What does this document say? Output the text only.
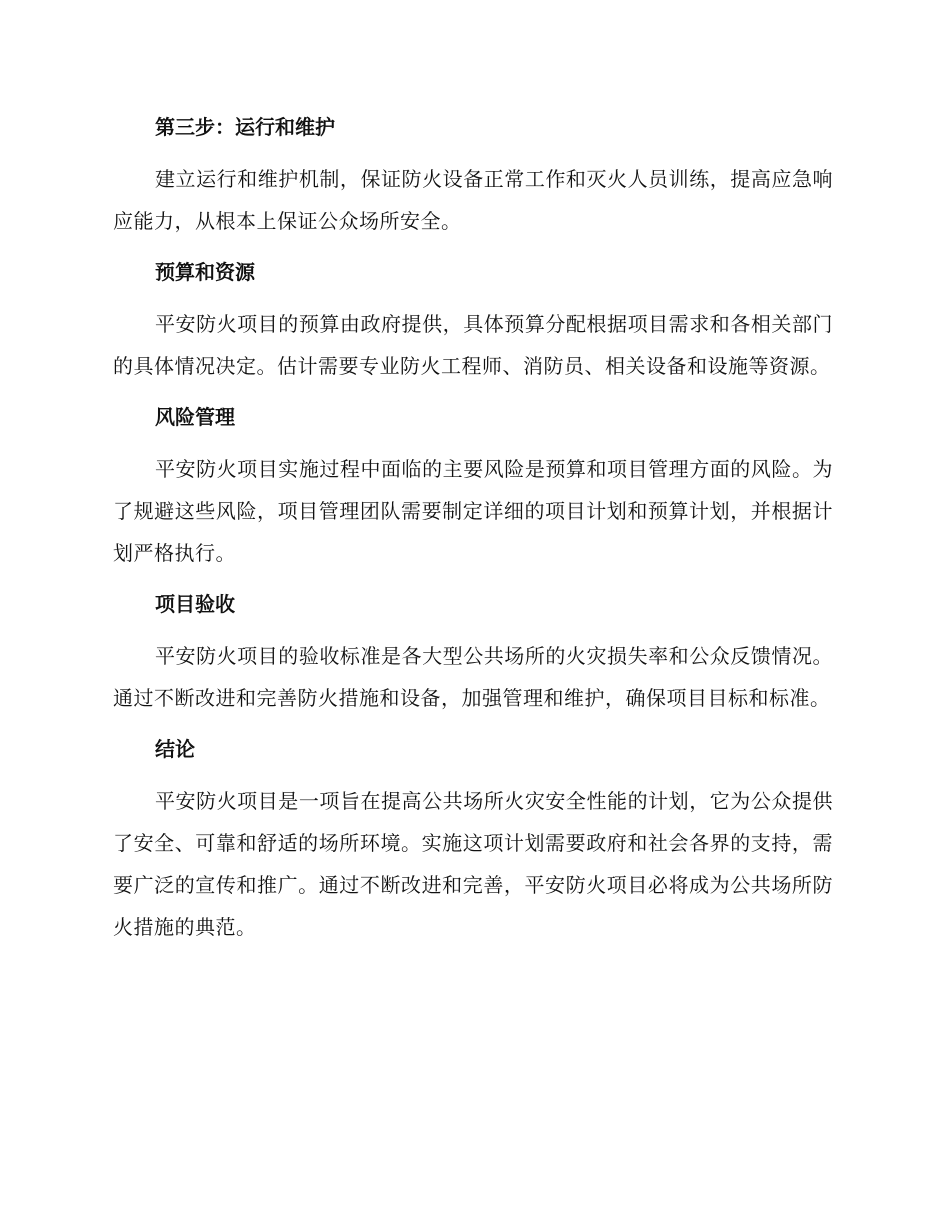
第三步：运行和维护

建立运行和维护机制，保证防火设备正常工作和灭火人员训练，提高应急响应能力，从根本上保证公众场所安全。

预算和资源

平安防火项目的预算由政府提供，具体预算分配根据项目需求和各相关部门的具体情况决定。估计需要专业防火工程师、消防员、相关设备和设施等资源。

风险管理

平安防火项目实施过程中面临的主要风险是预算和项目管理方面的风险。为了规避这些风险，项目管理团队需要制定详细的项目计划和预算计划，并根据计划严格执行。

项目验收

平安防火项目的验收标准是各大型公共场所的火灾损失率和公众反馈情况。通过不断改进和完善防火措施和设备，加强管理和维护，确保项目目标和标准。

结论

平安防火项目是一项旨在提高公共场所火灾安全性能的计划，它为公众提供了安全、可靠和舒适的场所环境。实施这项计划需要政府和社会各界的支持，需要广泛的宣传和推广。通过不断改进和完善，平安防火项目必将成为公共场所防火措施的典范。
